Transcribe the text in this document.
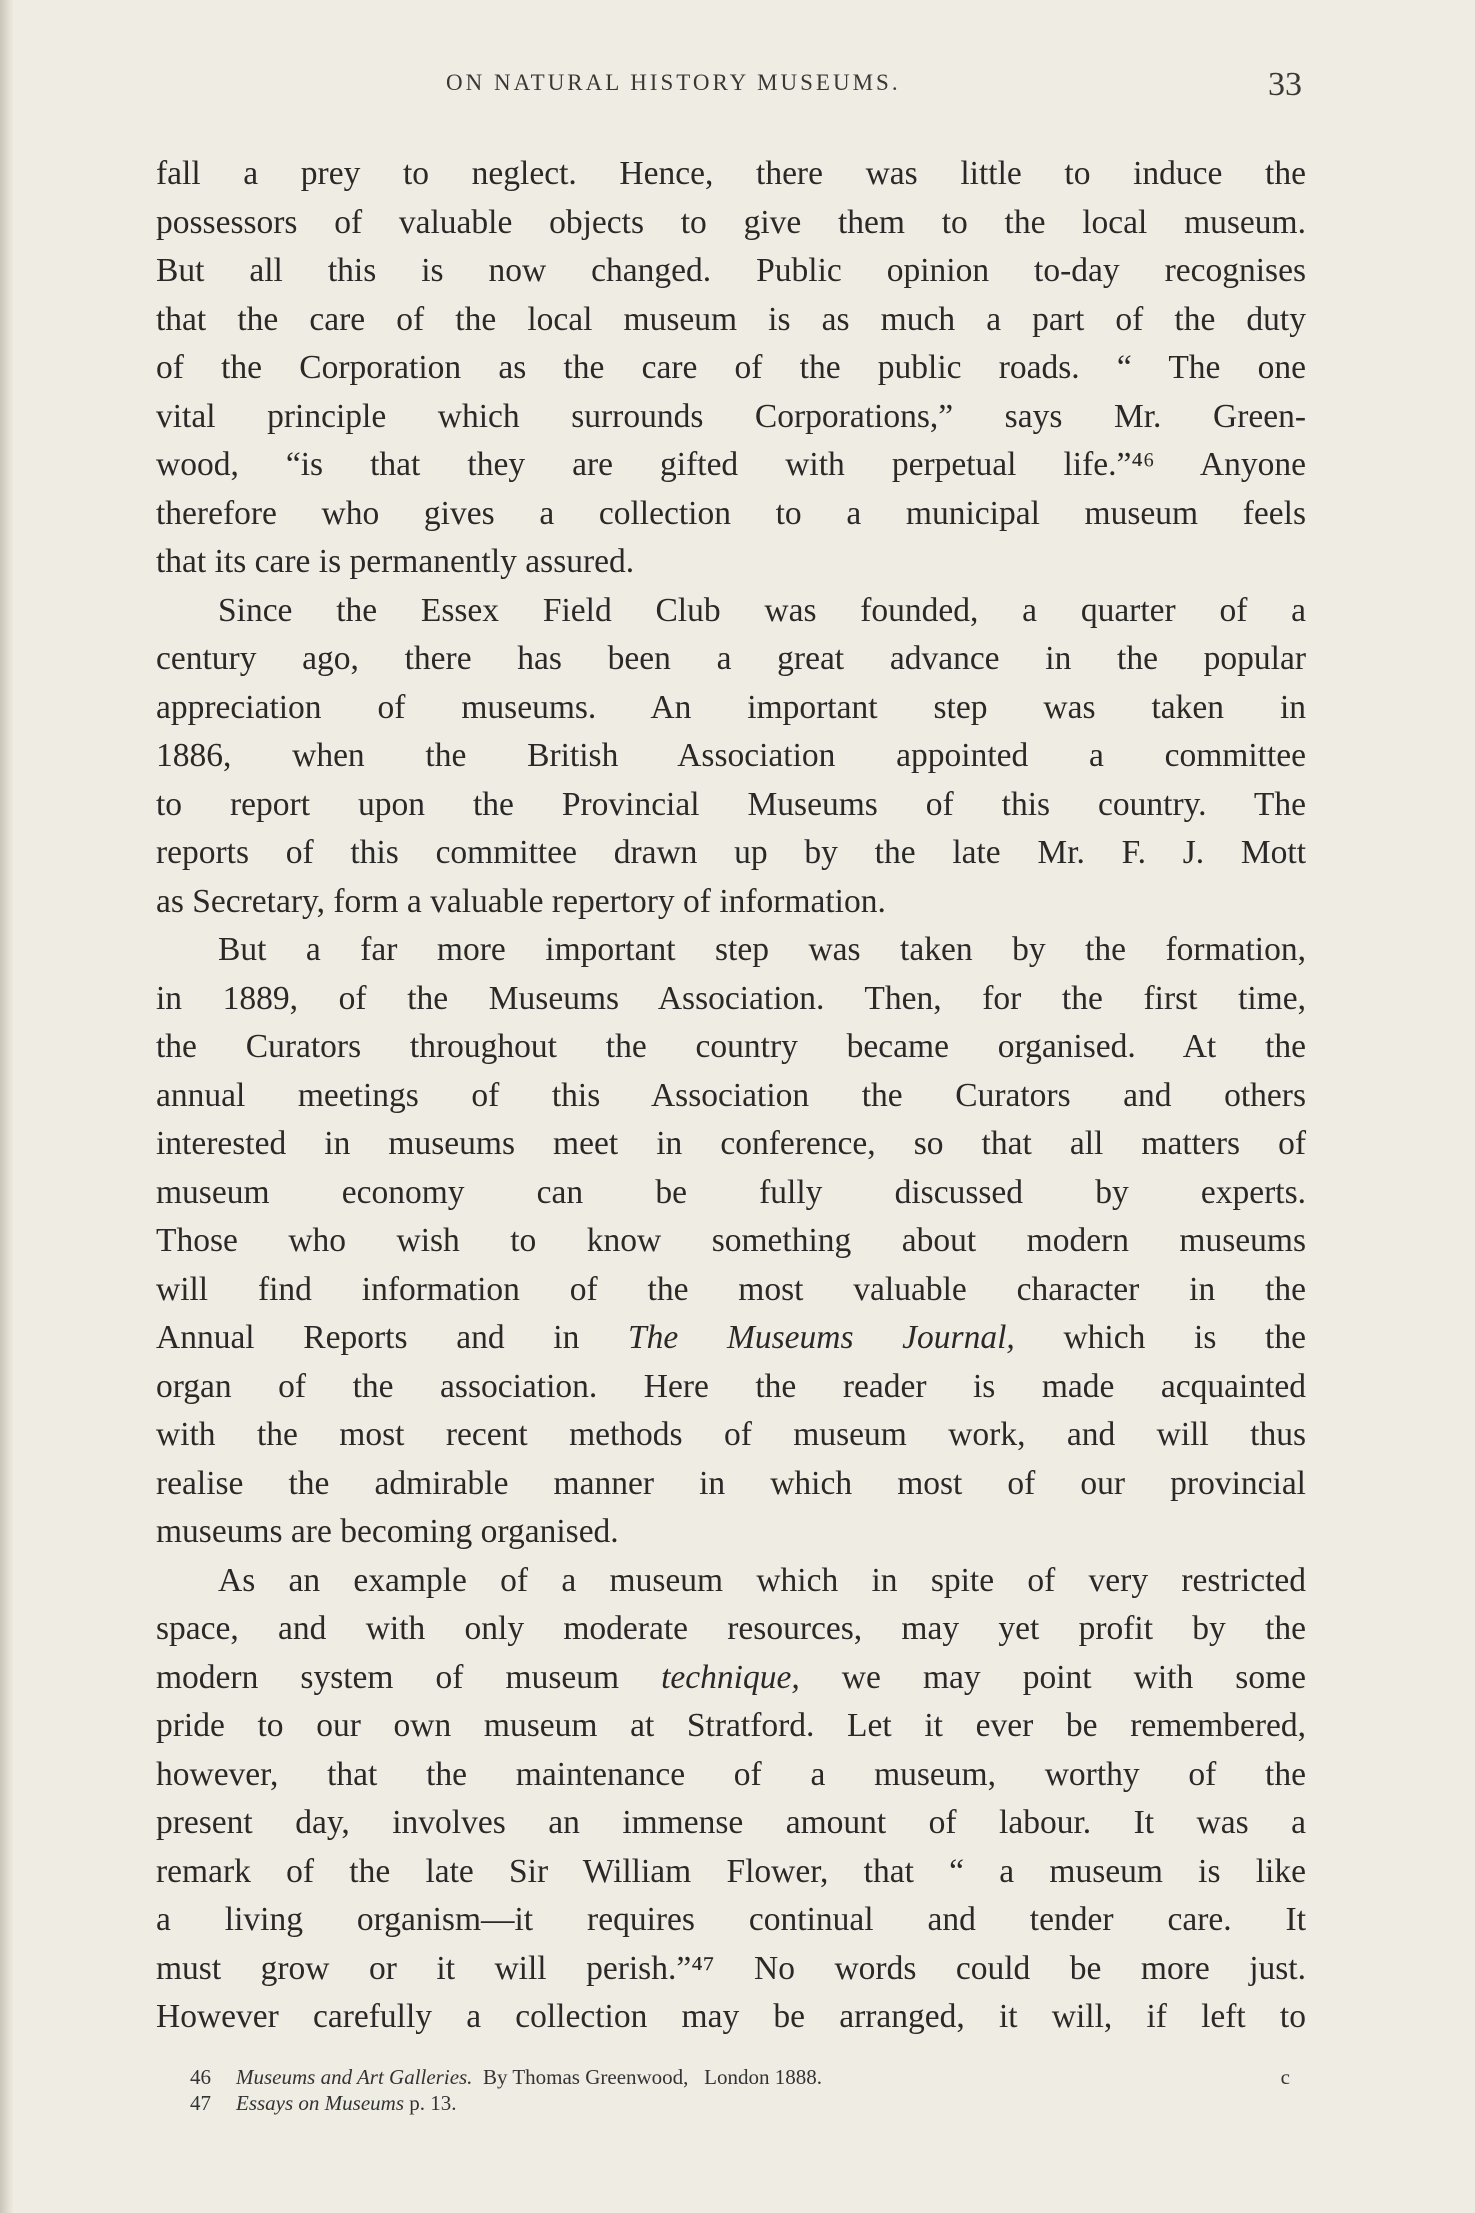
ON NATURAL HISTORY MUSEUMS.	33
fall a prey to neglect. Hence, there was little to induce the
possessors of valuable objects to give them to the local museum.
But all this is now changed. Public opinion to-day recognises
that the care of the local museum is as much a part of the duty
of the Corporation as the care of the public roads. “ The one
vital principle which surrounds Corporations,” says Mr. Green-
wood, “is that they are gifted with perpetual life.”⁴⁶ Anyone
therefore who gives a collection to a municipal museum feels
that its care is permanently assured.
Since the Essex Field Club was founded, a quarter of a
century ago, there has been a great advance in the popular
appreciation of museums. An important step was taken in
1886, when the British Association appointed a committee
to report upon the Provincial Museums of this country. The
reports of this committee drawn up by the late Mr. F. J. Mott
as Secretary, form a valuable repertory of information.
But a far more important step was taken by the formation,
in 1889, of the Museums Association. Then, for the first time,
the Curators throughout the country became organised. At the
annual meetings of this Association the Curators and others
interested in museums meet in conference, so that all matters of
museum economy can be fully discussed by experts.
Those who wish to know something about modern museums
will find information of the most valuable character in the
Annual Reports and in The Museums Journal, which is the
organ of the association. Here the reader is made acquainted
with the most recent methods of museum work, and will thus
realise the admirable manner in which most of our provincial
museums are becoming organised.
As an example of a museum which in spite of very restricted
space, and with only moderate resources, may yet profit by the
modern system of museum technique, we may point with some
pride to our own museum at Stratford. Let it ever be remembered,
however, that the maintenance of a museum, worthy of the
present day, involves an immense amount of labour. It was a
remark of the late Sir William Flower, that “ a museum is like
a living organism—it requires continual and tender care. It
must grow or it will perish.”⁴⁷ No words could be more just.
However carefully a collection may be arranged, it will, if left to
46 Museums and Art Galleries.  By Thomas Greenwood,   London 1888.	c
47 Essays on Museums p. 13.
